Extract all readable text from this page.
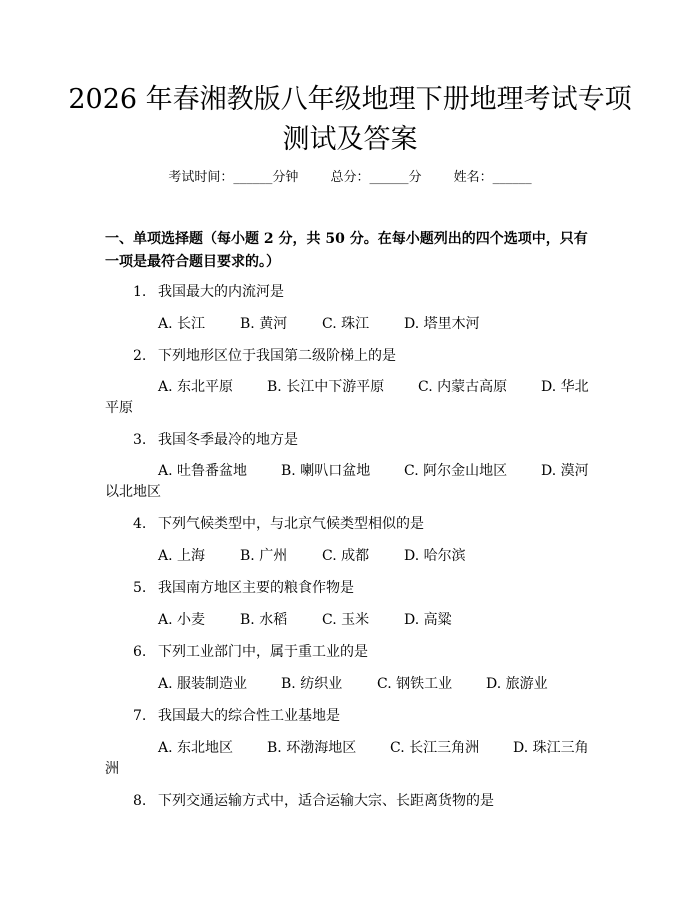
2026 年春湘教版八年级地理下册地理考试专项测试及答案
考试时间：______分钟 总分：______分 姓名：______
一、单项选择题（每小题 2 分，共 50 分。在每小题列出的四个选项中，只有一项是最符合题目要求的。）
1. 我国最大的内流河是
A. 长江 B. 黄河 C. 珠江 D. 塔里木河
2. 下列地形区位于我国第二级阶梯上的是
A. 东北平原 B. 长江中下游平原 C. 内蒙古高原 D. 华北
平原
3. 我国冬季最冷的地方是
A. 吐鲁番盆地 B. 喇叭口盆地 C. 阿尔金山地区 D. 漠河
以北地区
4. 下列气候类型中，与北京气候类型相似的是
A. 上海 B. 广州 C. 成都 D. 哈尔滨
5. 我国南方地区主要的粮食作物是
A. 小麦 B. 水稻 C. 玉米 D. 高粱
6. 下列工业部门中，属于重工业的是
A. 服装制造业 B. 纺织业 C. 钢铁工业 D. 旅游业
7. 我国最大的综合性工业基地是
A. 东北地区 B. 环渤海地区 C. 长江三角洲 D. 珠江三角
洲
8. 下列交通运输方式中，适合运输大宗、长距离货物的是
